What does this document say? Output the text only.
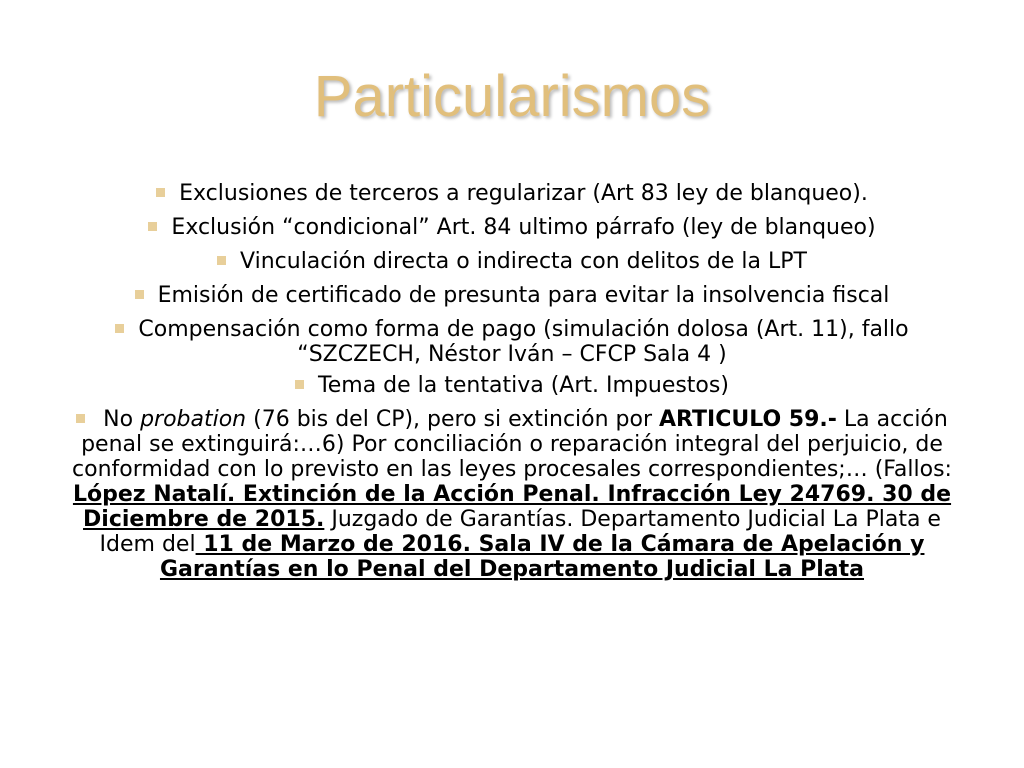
Particularismos
Exclusiones de terceros a regularizar (Art 83 ley de blanqueo).
Exclusión “condicional” Art. 84 ultimo párrafo (ley de blanqueo)
Vinculación directa o indirecta con delitos de la LPT
Emisión de certificado de presunta para evitar la insolvencia fiscal
Compensación como forma de pago (simulación dolosa (Art. 11), fallo “SZCZECH, Néstor Iván – CFCP Sala 4 )
Tema de la tentativa (Art. Impuestos)
No probation (76 bis del CP), pero si extinción por ARTICULO 59.- La acción penal se extinguirá:…6) Por conciliación o reparación integral del perjuicio, de conformidad con lo previsto en las leyes procesales correspondientes;… (Fallos: López Natalí. Extinción de la Acción Penal. Infracción Ley 24769. 30 de Diciembre de 2015. Juzgado de Garantías. Departamento Judicial La Plata e Idem del 11 de Marzo de 2016. Sala IV de la Cámara de Apelación y Garantías en lo Penal del Departamento Judicial La Plata
